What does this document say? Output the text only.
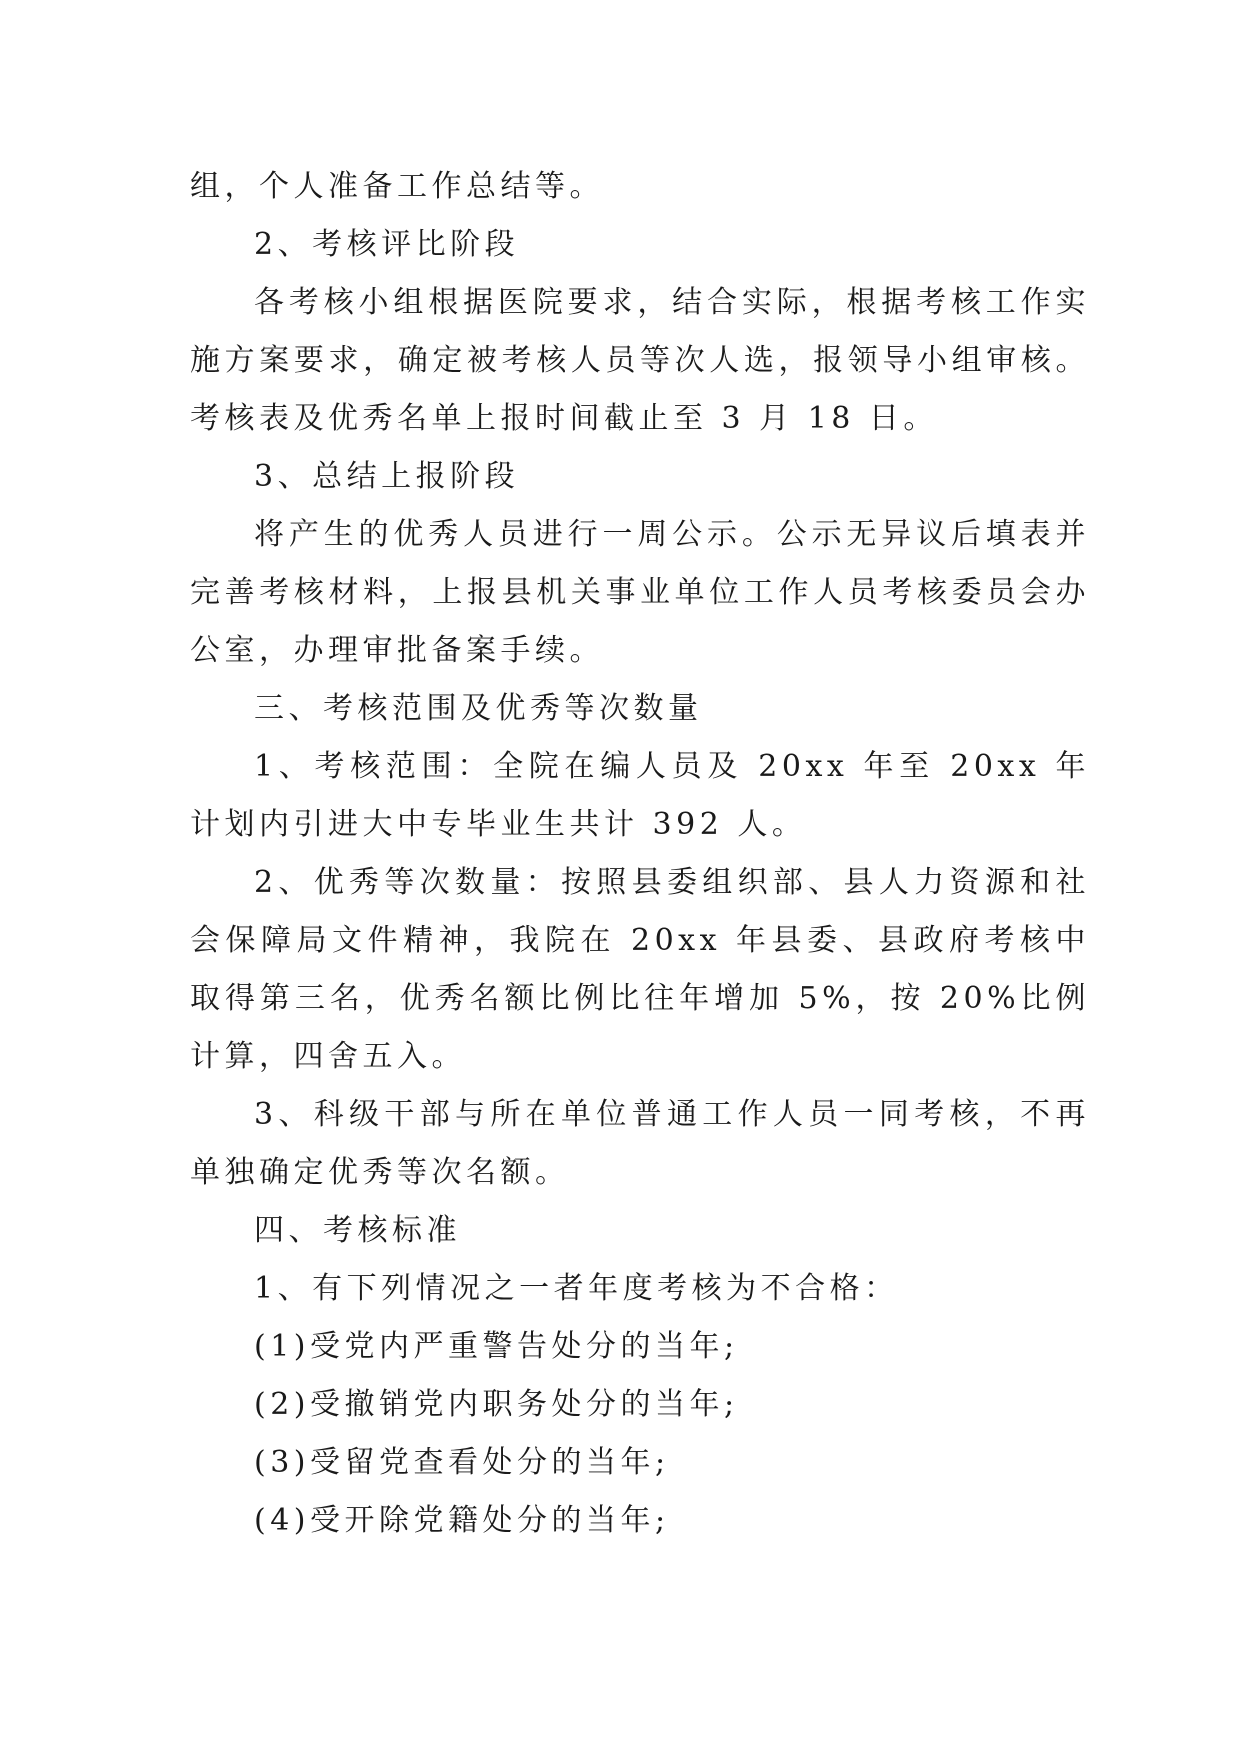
组，个人准备工作总结等。

2、考核评比阶段

各考核小组根据医院要求，结合实际，根据考核工作实施方案要求，确定被考核人员等次人选，报领导小组审核。考核表及优秀名单上报时间截止至 3 月 18 日。

3、总结上报阶段

将产生的优秀人员进行一周公示。公示无异议后填表并完善考核材料，上报县机关事业单位工作人员考核委员会办公室，办理审批备案手续。

三、考核范围及优秀等次数量

1、考核范围：全院在编人员及 20xx 年至 20xx 年计划内引进大中专毕业生共计 392 人。

2、优秀等次数量：按照县委组织部、县人力资源和社会保障局文件精神，我院在 20xx 年县委、县政府考核中取得第三名，优秀名额比例比往年增加 5%，按 20%比例计算，四舍五入。

3、科级干部与所在单位普通工作人员一同考核，不再单独确定优秀等次名额。

四、考核标准

1、有下列情况之一者年度考核为不合格：

(1)受党内严重警告处分的当年;

(2)受撤销党内职务处分的当年;

(3)受留党查看处分的当年;

(4)受开除党籍处分的当年;
